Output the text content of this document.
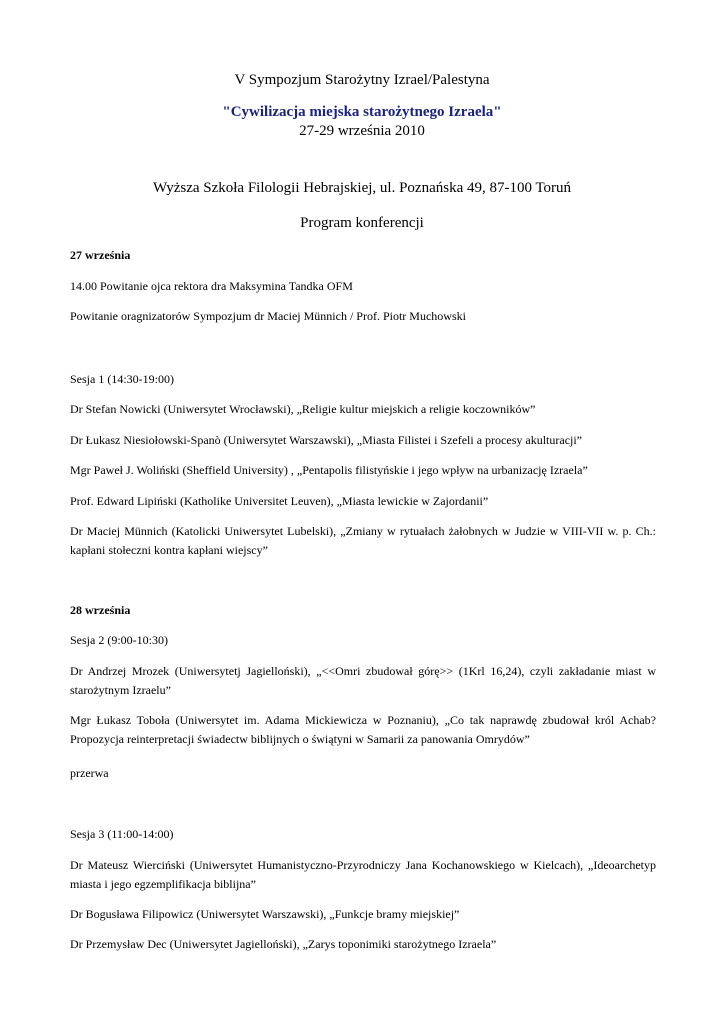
V Sympozjum Starożytny Izrael/Palestyna
"Cywilizacja miejska starożytnego Izraela"
27-29 września 2010
Wyższa Szkoła Filologii Hebrajskiej, ul. Poznańska 49, 87-100 Toruń
Program konferencji
27 września
14.00 Powitanie ojca rektora dra Maksymina Tandka OFM
Powitanie oragnizatorów Sympozjum dr Maciej Münnich / Prof. Piotr Muchowski
Sesja 1 (14:30-19:00)
Dr Stefan Nowicki (Uniwersytet Wrocławski), „Religie kultur miejskich a religie koczowników”
Dr Łukasz Niesiołowski-Spanò (Uniwersytet Warszawski), „Miasta Filistei i Szefeli a procesy akulturacji”
Mgr Paweł J. Woliński (Sheffield University) , „Pentapolis filistyńskie i jego wpływ na urbanizację Izraela”
Prof. Edward Lipiński (Katholike Universitet Leuven), „Miasta lewickie w Zajordanii”
Dr Maciej Münnich (Katolicki Uniwersytet Lubelski), „Zmiany w rytuałach żałobnych w Judzie w VIII-VII w. p. Ch.: kapłani stołeczni kontra kapłani wiejscy”
28 września
Sesja 2 (9:00-10:30)
Dr Andrzej Mrozek (Uniwersytetj Jagielloński), „<<Omri zbudował górę>> (1Krl 16,24), czyli zakładanie miast w starożytnym Izraelu”
Mgr Łukasz Toboła (Uniwersytet im. Adama Mickiewicza w Poznaniu), „Co tak naprawdę zbudował król Achab? Propozycja reinterpretacji świadectw biblijnych o świątyni w Samarii za panowania Omrydów”
przerwa
Sesja 3 (11:00-14:00)
Dr Mateusz Wierciński (Uniwersytet Humanistyczno-Przyrodniczy Jana Kochanowskiego w Kielcach), „Ideoarchetyp miasta i jego egzemplifikacja biblijna”
Dr Bogusława Filipowicz (Uniwersytet Warszawski), „Funkcje bramy miejskiej”
Dr Przemysław Dec (Uniwersytet Jagielloński), „Zarys toponimiki starożytnego Izraela”
